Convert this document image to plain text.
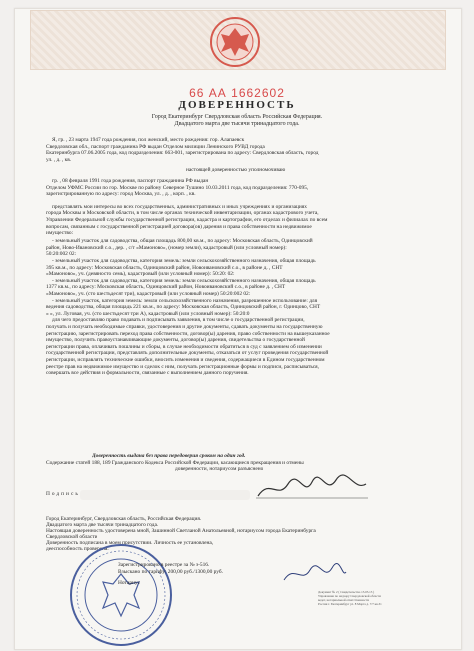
66 АА 1662602
ДОВЕРЕННОСТЬ
Город Екатеринбург Свердловская область Российская Федерация.
Двадцатого марта две тысячи тринадцатого года.
Я, гр. , 23 марта 1947 года рождения, пол женский, место рождения: гор. Алапаевск
Свердловская обл., паспорт гражданина РФ выдан Отделом милиции Ленинского РУВД города
Екатеринбурга 07.06.2005 года, код подразделения: 663-001, зарегистрирована по адресу: Свердловская область, город
ул. , д. , кв.
настоящей доверенностью уполномочиваю
гр. , 08 февраля 1991 года рождения, паспорт гражданина РФ выдан
Отделом УФМС России по гор. Москве по району Северное Тушино 10.03.2011 года, код подразделения: 770-095,
зарегистрированную по адресу: город Москва, ул. , д. , корп. , кв.
представлять мои интересы во всех государственных, административных и иных учреждениях и организациях
города Москвы и Московской области, в том числе органах технической инвентаризации, органах кадастрового учета,
Управлении Федеральной службы государственной регистрации, кадастра и картографии, его отделах и филиалах по всем
вопросам, связанным с государственной регистрацией договора(ов) дарения и права собственности на недвижимое
имущество:
- земельный участок для садоводства, общая площадь 800,00 кв.м., по адресу: Московская область, Одинцовский
район, Ново-Ивановский с.о., дер. , с/т «Мамоново», (номер земли), кадастровый (или условный номер):
50:20:002 02:
- земельный участок для садоводства, категория земель: земли сельскохозяйственного назначения, общая площадь
395 кв.м., по адресу: Московская область, Одинцовский район, Новоивановский с.о., в районе д. , СНТ
«Мамоново», уч. (девяносто семь), кадастровый (или условный номер): 50:20: 02:
- земельный участок для садоводства, категория земель: земли сельскохозяйственного назначения, общая площадь
1377 кв.м., по адресу: Московская область, Одинцовский район, Новоивановский с.о., в районе д. , СНТ
«Мамоново», уч. (сто шестьдесят три), кадастровый (или условный номер) 50:20:002 02:
- земельный участок, категория земель: земли сельскохозяйственного назначения, разрешенное использование: для
ведения садоводства, общая площадь 221 кв.м., по адресу: Московская область, Одинцовский район, г. Одинцово, СНТ
« », ул. Луговая, уч. (сто шестьдесят три А), кадастровый (или условный номер): 50:20:0
для чего предоставляю право подавать и подписывать заявления, в том числе о государственной регистрации,
получать и получать необходимые справки, удостоверения и другие документы, сдавать документы на государственную
регистрацию, зарегистрировать переход права собственности, договор(ы) дарения, право собственности на вышеуказанное
имущество, получить правоустанавливающие документы, договор(ы) дарения, свидетельства о государственной
регистрации права, оплачивать пошлины и сборы, в случае необходимости обратиться в суд с заявлением об изменении
государственной регистрации, представлять дополнительные документы, отказаться от услуг проведения государственной
регистрации, исправлять технические ошибки, вносить изменения и сведения, содержащиеся в Едином государственном
реестре прав на недвижимое имущество и сделок с ним, получать регистрационные формы и подписи, расписываться,
совершать все действия и формальности, связанные с выполнением данного поручения.
Доверенность выдана без права передоверия сроком на один год.
Содержание статей 188, 189 Гражданского Кодекса Российской Федерации, касающиеся прекращения и отмены
доверенности, нотариусом разъяснено
Подпись
Город Екатеринбург, Свердловская область, Российская Федерация.
Двадцатого марта две тысячи тринадцатого года.
Настоящая доверенность удостоверена мной, Зашинной Светланой Анатольевной, нотариусом города Екатеринбурга
Свердловской области
Доверенность подписана в моем присутствии. Личность ее установлена,
дееспособность проверена.
Зарегистрировано в реестре за № з-516.
Взыскано по тарифу: 200,00 руб./1300,00 руб.
Нотариус
Документ № 2 ( Свидетельство 13.03.13 )
Управление по надзору Свердловской области
ведет, нотариальной ответственности
Россия г. Екатеринбург ул. 8 Марта д. 7/7 кв.31
